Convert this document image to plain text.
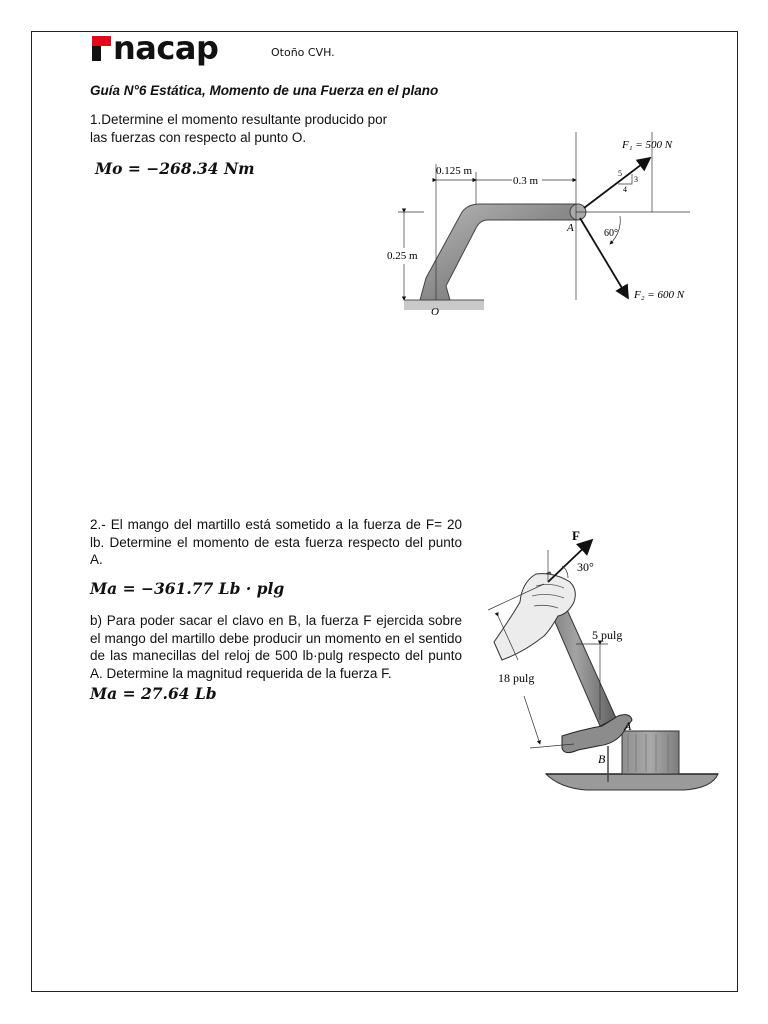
nacap	Otoño CVH.
Guía N°6 Estática, Momento de una Fuerza en el plano
1.Determine el momento resultante producido por las fuerzas con respecto al punto O.
Mo = −268.34 Nm	0.125 m
0.3 m
0.25 m
F₁ = 500 N
5
3
4
F₂ = 600 N
60°
A
O
2.- El mango del martillo está sometido a la fuerza de F= 20 lb. Determine el momento de esta fuerza respecto del punto A.
Ma = −361.77 Lb · plg
b) Para poder sacar el clavo en B, la fuerza F ejercida sobre el mango del martillo debe producir un momento en el sentido de las manecillas del reloj de 500 lb·pulg respecto del punto A. Determine la magnitud requerida de la fuerza F.
Ma = 27.64 Lb
F
30°
5 pulg
18 pulg
A
B
